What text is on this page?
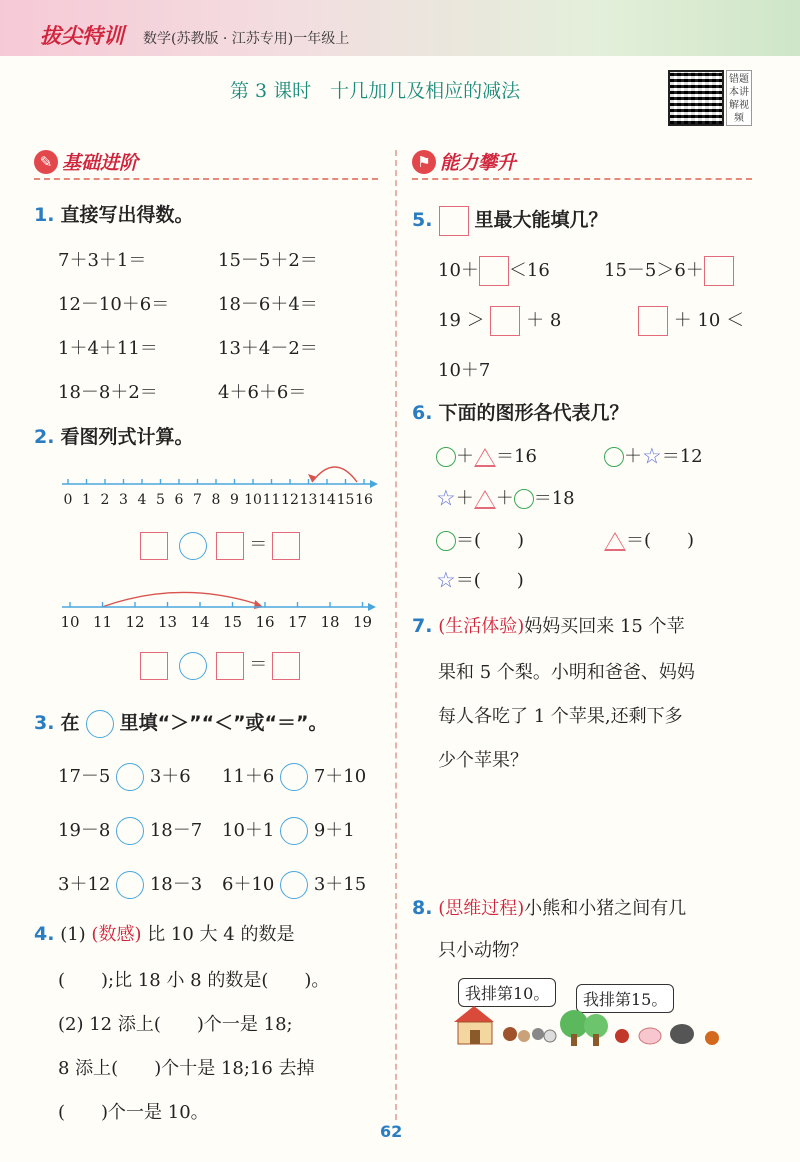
拔尖特训 数学(苏教版 · 江苏专用)一年级上
第 3 课时　十几加几及相应的减法
错题本讲解视频
✎ 基础进阶	⚑ 能力攀升
1. 直接写出得数。
7＋3＋1＝	15－5＋2＝
12－10＋6＝	18－6＋4＝
1＋4＋11＝	13＋4－2＝
18－8＋2＝	4＋6＋6＝
2. 看图列式计算。
0 1 2 3 4 5 6 7 8 9 10 11 12 13 14 15 16
＝
10 11 12 13 14 15 16 17 18 19
＝
3. 在 里填“＞”“＜”或“＝”。
17－5 3＋6 11＋6 7＋10
19－8 18－7 10＋1 9＋1
3＋12 18－3 6＋10 3＋15
4. (1) (数感) 比 10 大 4 的数是
(　　);比 18 小 8 的数是(　　)。
(2) 12 添上(　　)个一是 18;
8 添上(　　)个十是 18;16 去掉
(　　)个一是 10。
5. 里最大能填几？
10＋ ＜16	15－5＞6＋
19 ＞ ＋ 8	＋ 10 ＜
10＋7
6. 下面的图形各代表几？
＋ ＝16	＋☆＝12
☆＋ ＋ ＝18
＝(　　)	＝(　　)
☆＝(　　)
7. (生活体验)妈妈买回来 15 个苹
果和 5 个梨。小明和爸爸、妈妈
每人各吃了 1 个苹果,还剩下多
少个苹果？
8. (思维过程)小熊和小猪之间有几
只小动物？
我排第10。	我排第15。
62
